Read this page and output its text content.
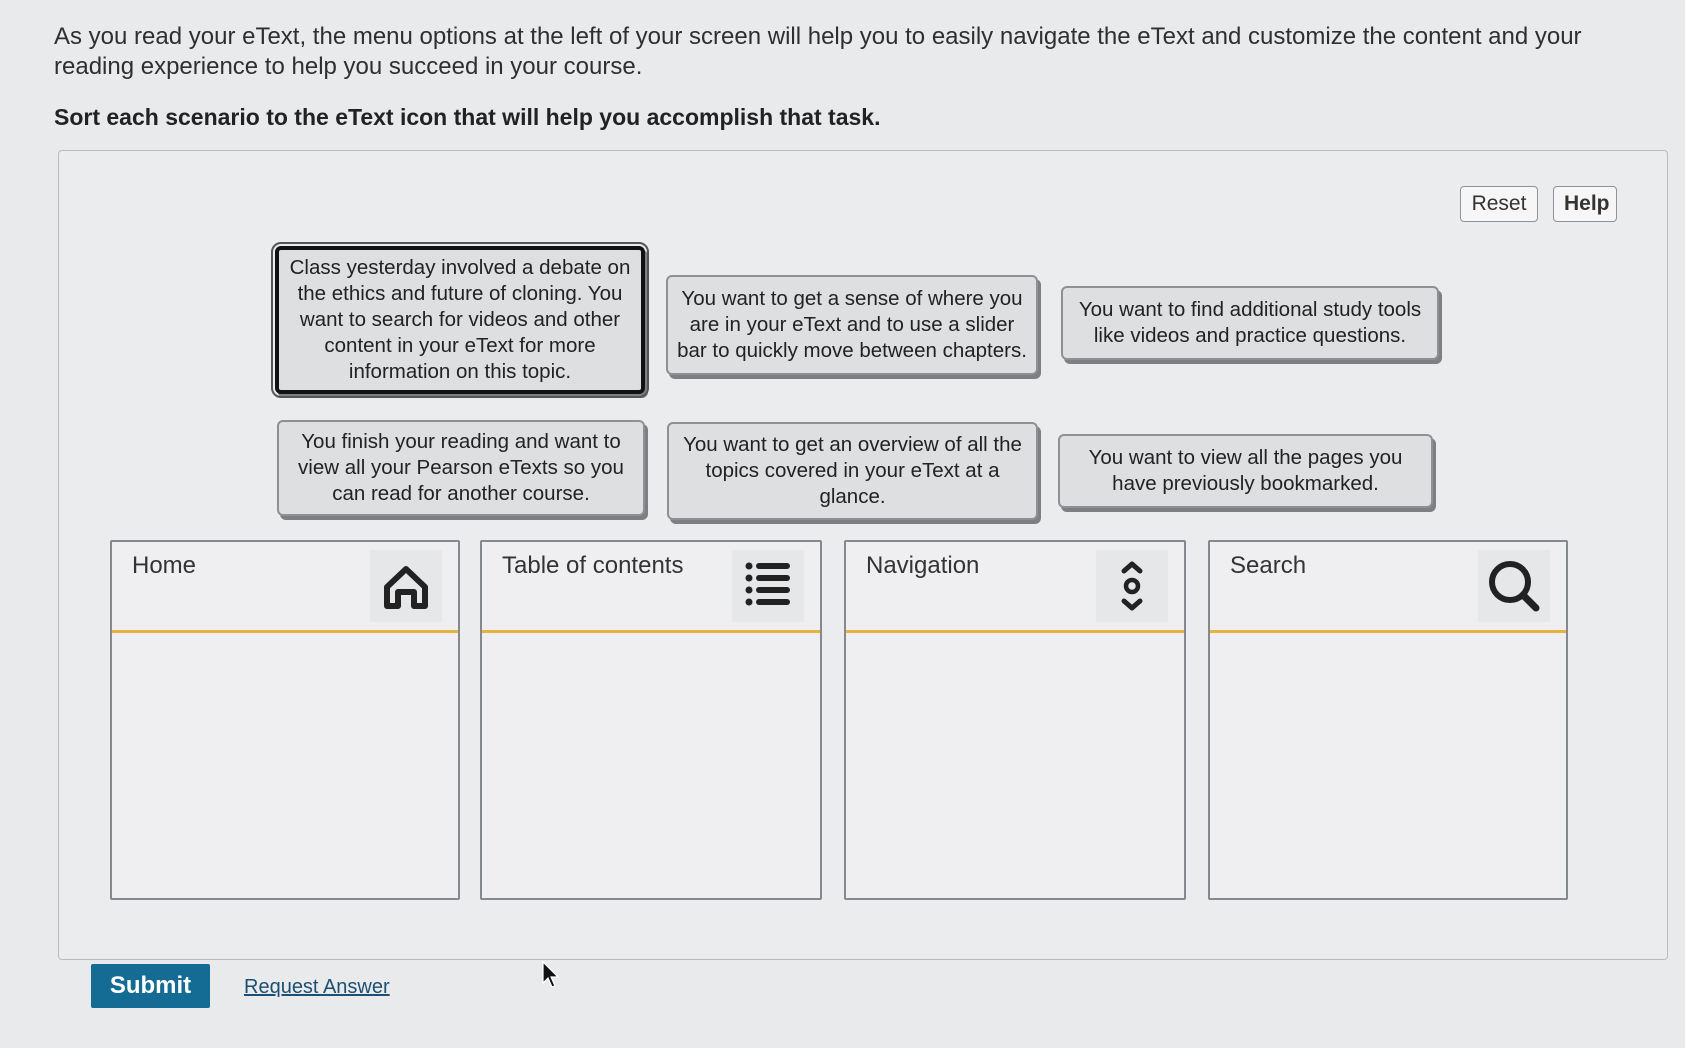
As you read your eText, the menu options at the left of your screen will help you to easily navigate the eText and customize the content and your reading experience to help you succeed in your course.
Sort each scenario to the eText icon that will help you accomplish that task.
Reset	Help
Class yesterday involved a debate on the ethics and future of cloning. You want to search for videos and other content in your eText for more information on this topic.
You want to get a sense of where you are in your eText and to use a slider bar to quickly move between chapters.
You want to find additional study tools like videos and practice questions.
You finish your reading and want to view all your Pearson eTexts so you can read for another course.
You want to get an overview of all the topics covered in your eText at a glance.
You want to view all the pages you have previously bookmarked.
Home	Table of contents	Navigation	Search
Submit	Request Answer
